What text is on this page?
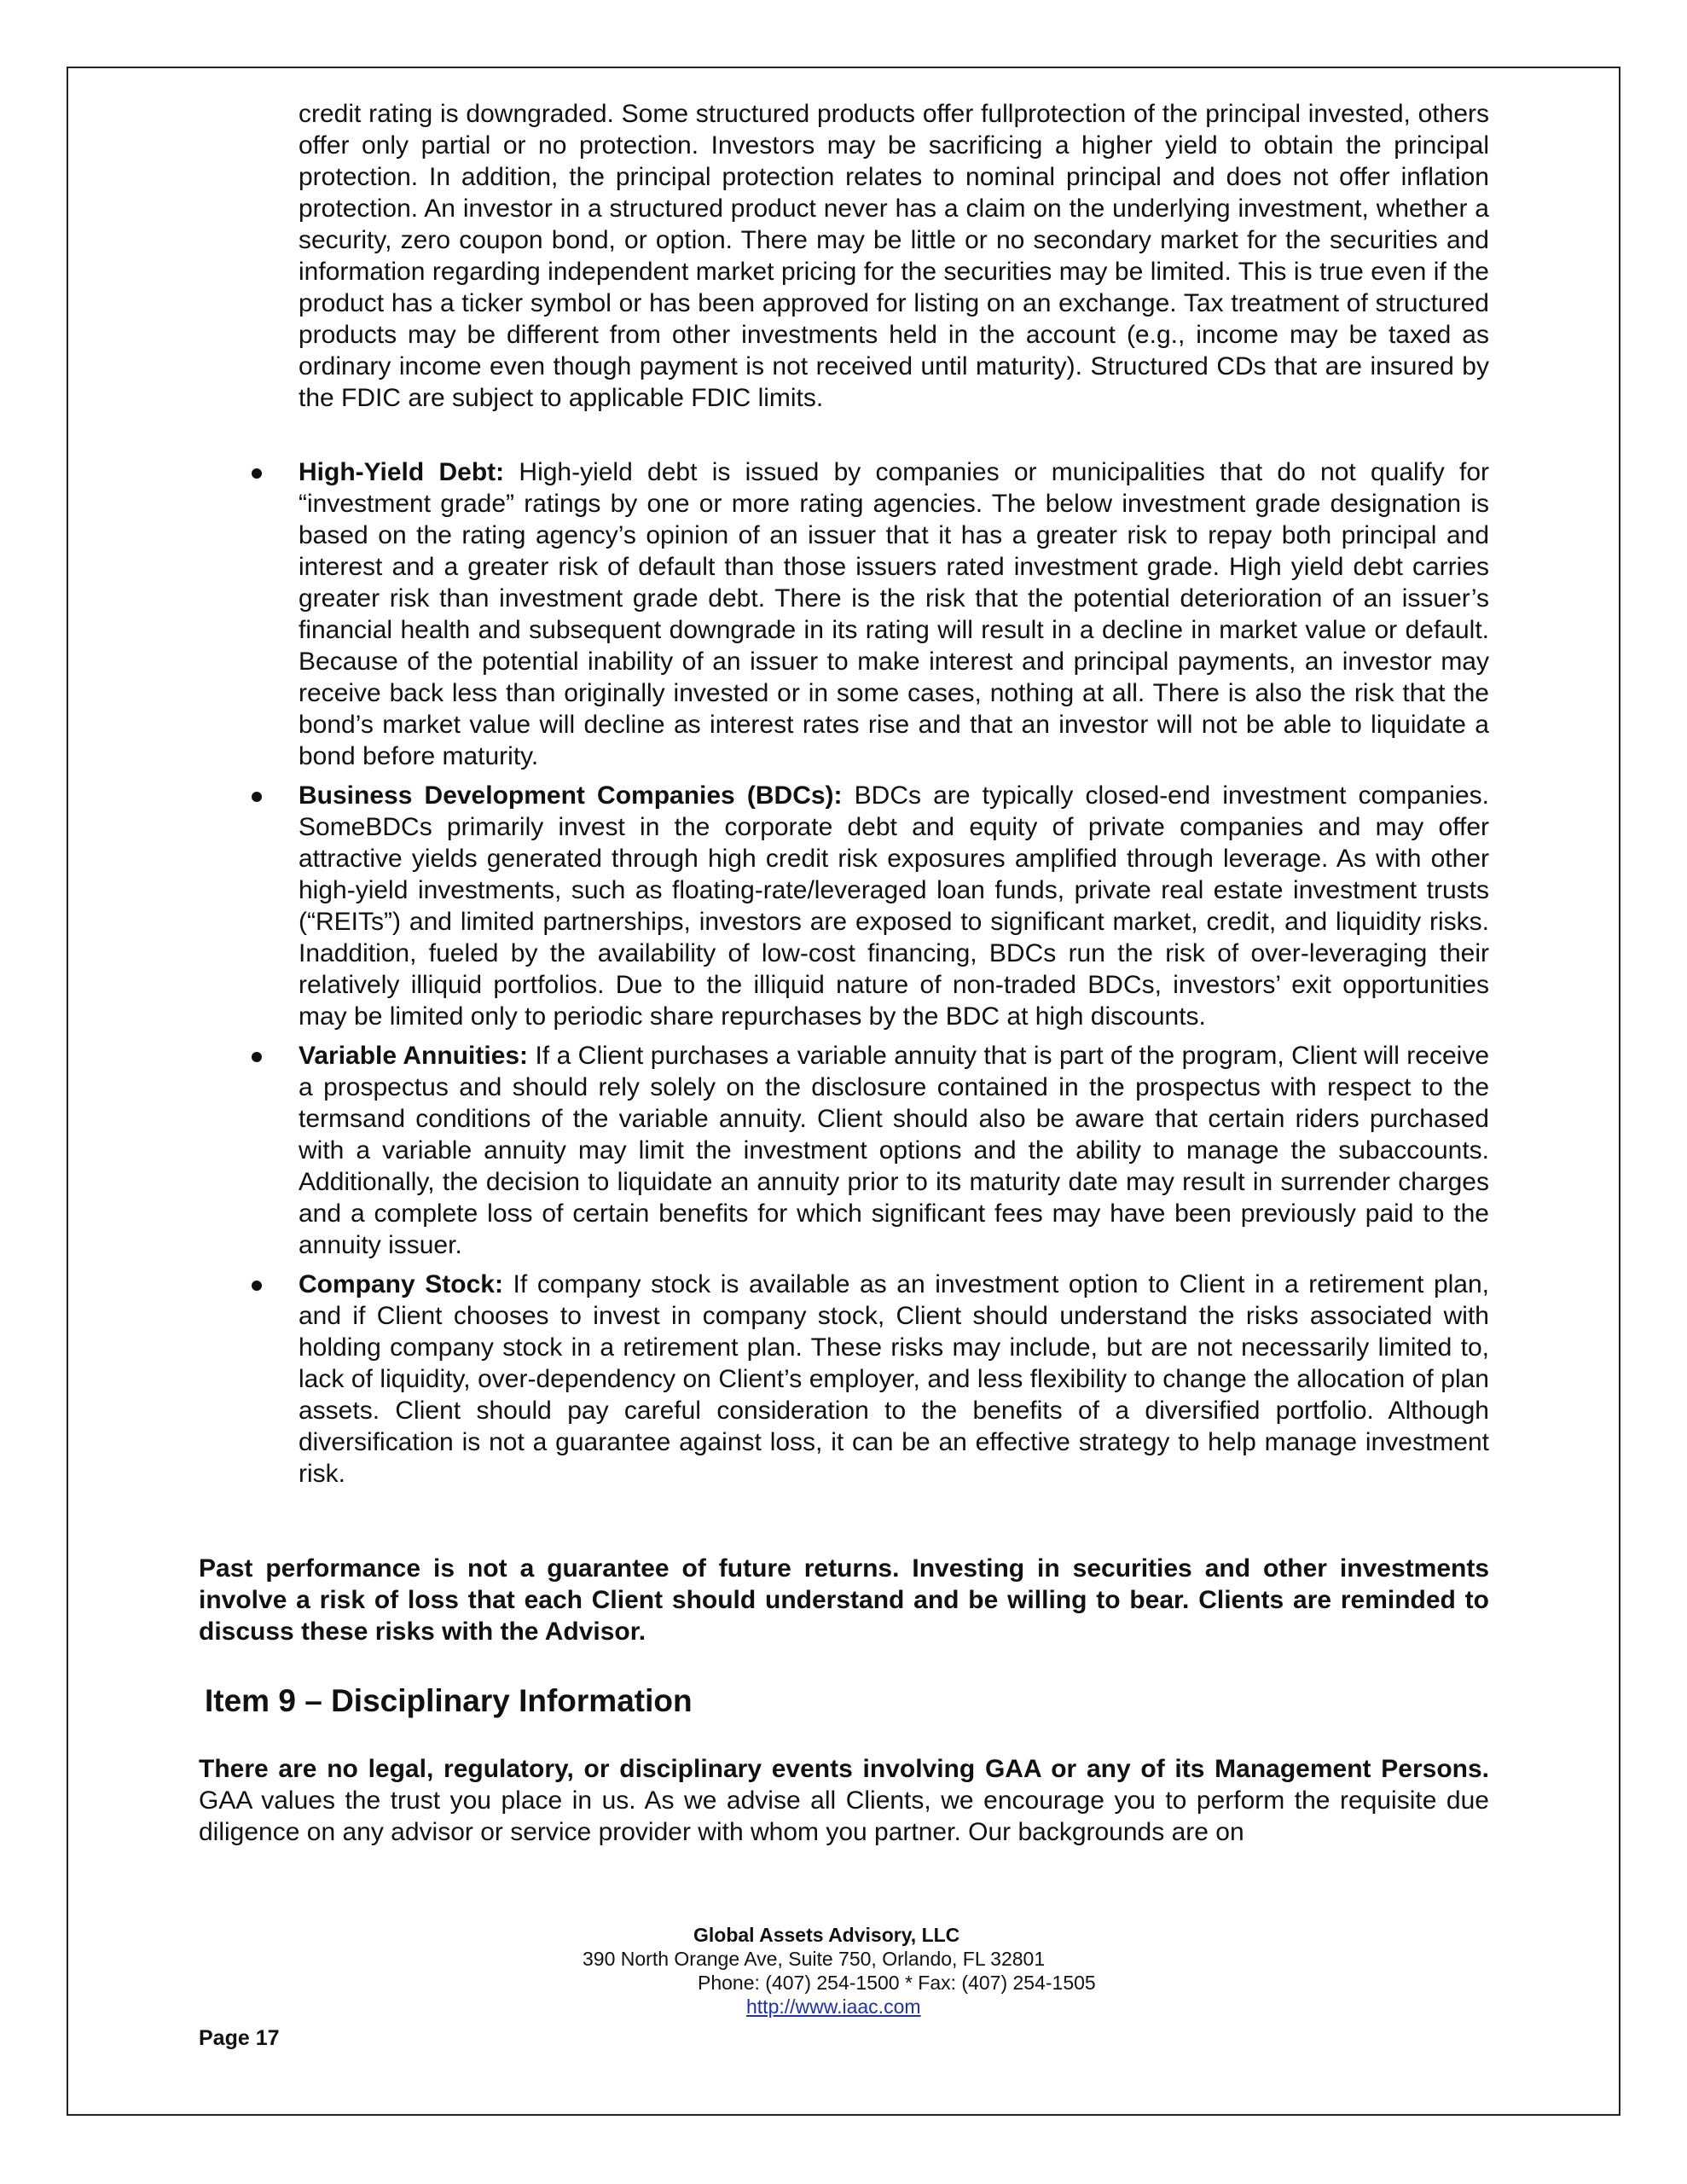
credit rating is downgraded. Some structured products offer fullprotection of the principal invested, others offer only partial or no protection. Investors may be sacrificing a higher yield to obtain the principal protection. In addition, the principal protection relates to nominal principal and does not offer inflation protection. An investor in a structured product never has a claim on the underlying investment, whether a security, zero coupon bond, or option. There may be little or no secondary market for the securities and information regarding independent market pricing for the securities may be limited. This is true even if the product has a ticker symbol or has been approved for listing on an exchange. Tax treatment of structured products may be different from other investments held in the account (e.g., income may be taxed as ordinary income even though payment is not received until maturity). Structured CDs that are insured by the FDIC are subject to applicable FDIC limits.

High-Yield Debt: High-yield debt is issued by companies or municipalities that do not qualify for “investment grade” ratings by one or more rating agencies. The below investment grade designation is based on the rating agency’s opinion of an issuer that it has a greater risk to repay both principal and interest and a greater risk of default than those issuers rated investment grade. High yield debt carries greater risk than investment grade debt. There is the risk that the potential deterioration of an issuer’s financial health and subsequent downgrade in its rating will result in a decline in market value or default. Because of the potential inability of an issuer to make interest and principal payments, an investor may receive back less than originally invested or in some cases, nothing at all. There is also the risk that the bond’s market value will decline as interest rates rise and that an investor will not be able to liquidate a bond before maturity.
Business Development Companies (BDCs): BDCs are typically closed-end investment companies. SomeBDCs primarily invest in the corporate debt and equity of private companies and may offer attractive yields generated through high credit risk exposures amplified through leverage. As with other high-yield investments, such as floating-rate/leveraged loan funds, private real estate investment trusts (“REITs”) and limited partnerships, investors are exposed to significant market, credit, and liquidity risks. Inaddition, fueled by the availability of low-cost financing, BDCs run the risk of over-leveraging their relatively illiquid portfolios. Due to the illiquid nature of non-traded BDCs, investors’ exit opportunities may be limited only to periodic share repurchases by the BDC at high discounts.
Variable Annuities: If a Client purchases a variable annuity that is part of the program, Client will receive a prospectus and should rely solely on the disclosure contained in the prospectus with respect to the termsand conditions of the variable annuity. Client should also be aware that certain riders purchased with a variable annuity may limit the investment options and the ability to manage the subaccounts. Additionally, the decision to liquidate an annuity prior to its maturity date may result in surrender charges and a complete loss of certain benefits for which significant fees may have been previously paid to the annuity issuer.
Company Stock: If company stock is available as an investment option to Client in a retirement plan, and if Client chooses to invest in company stock, Client should understand the risks associated with holding company stock in a retirement plan. These risks may include, but are not necessarily limited to, lack of liquidity, over-dependency on Client’s employer, and less flexibility to change the allocation of plan assets. Client should pay careful consideration to the benefits of a diversified portfolio. Although diversification is not a guarantee against loss, it can be an effective strategy to help manage investment risk.

Past performance is not a guarantee of future returns. Investing in securities and other investments involve a risk of loss that each Client should understand and be willing to bear. Clients are reminded to discuss these risks with the Advisor.

Item 9 – Disciplinary Information

There are no legal, regulatory, or disciplinary events involving GAA or any of its Management Persons. GAA values the trust you place in us. As we advise all Clients, we encourage you to perform the requisite due diligence on any advisor or service provider with whom you partner. Our backgrounds are on

Global Assets Advisory, LLC
390 North Orange Ave, Suite 750, Orlando, FL 32801
Phone: (407) 254-1500 * Fax: (407) 254-1505
http://www.iaac.com
Page 17
